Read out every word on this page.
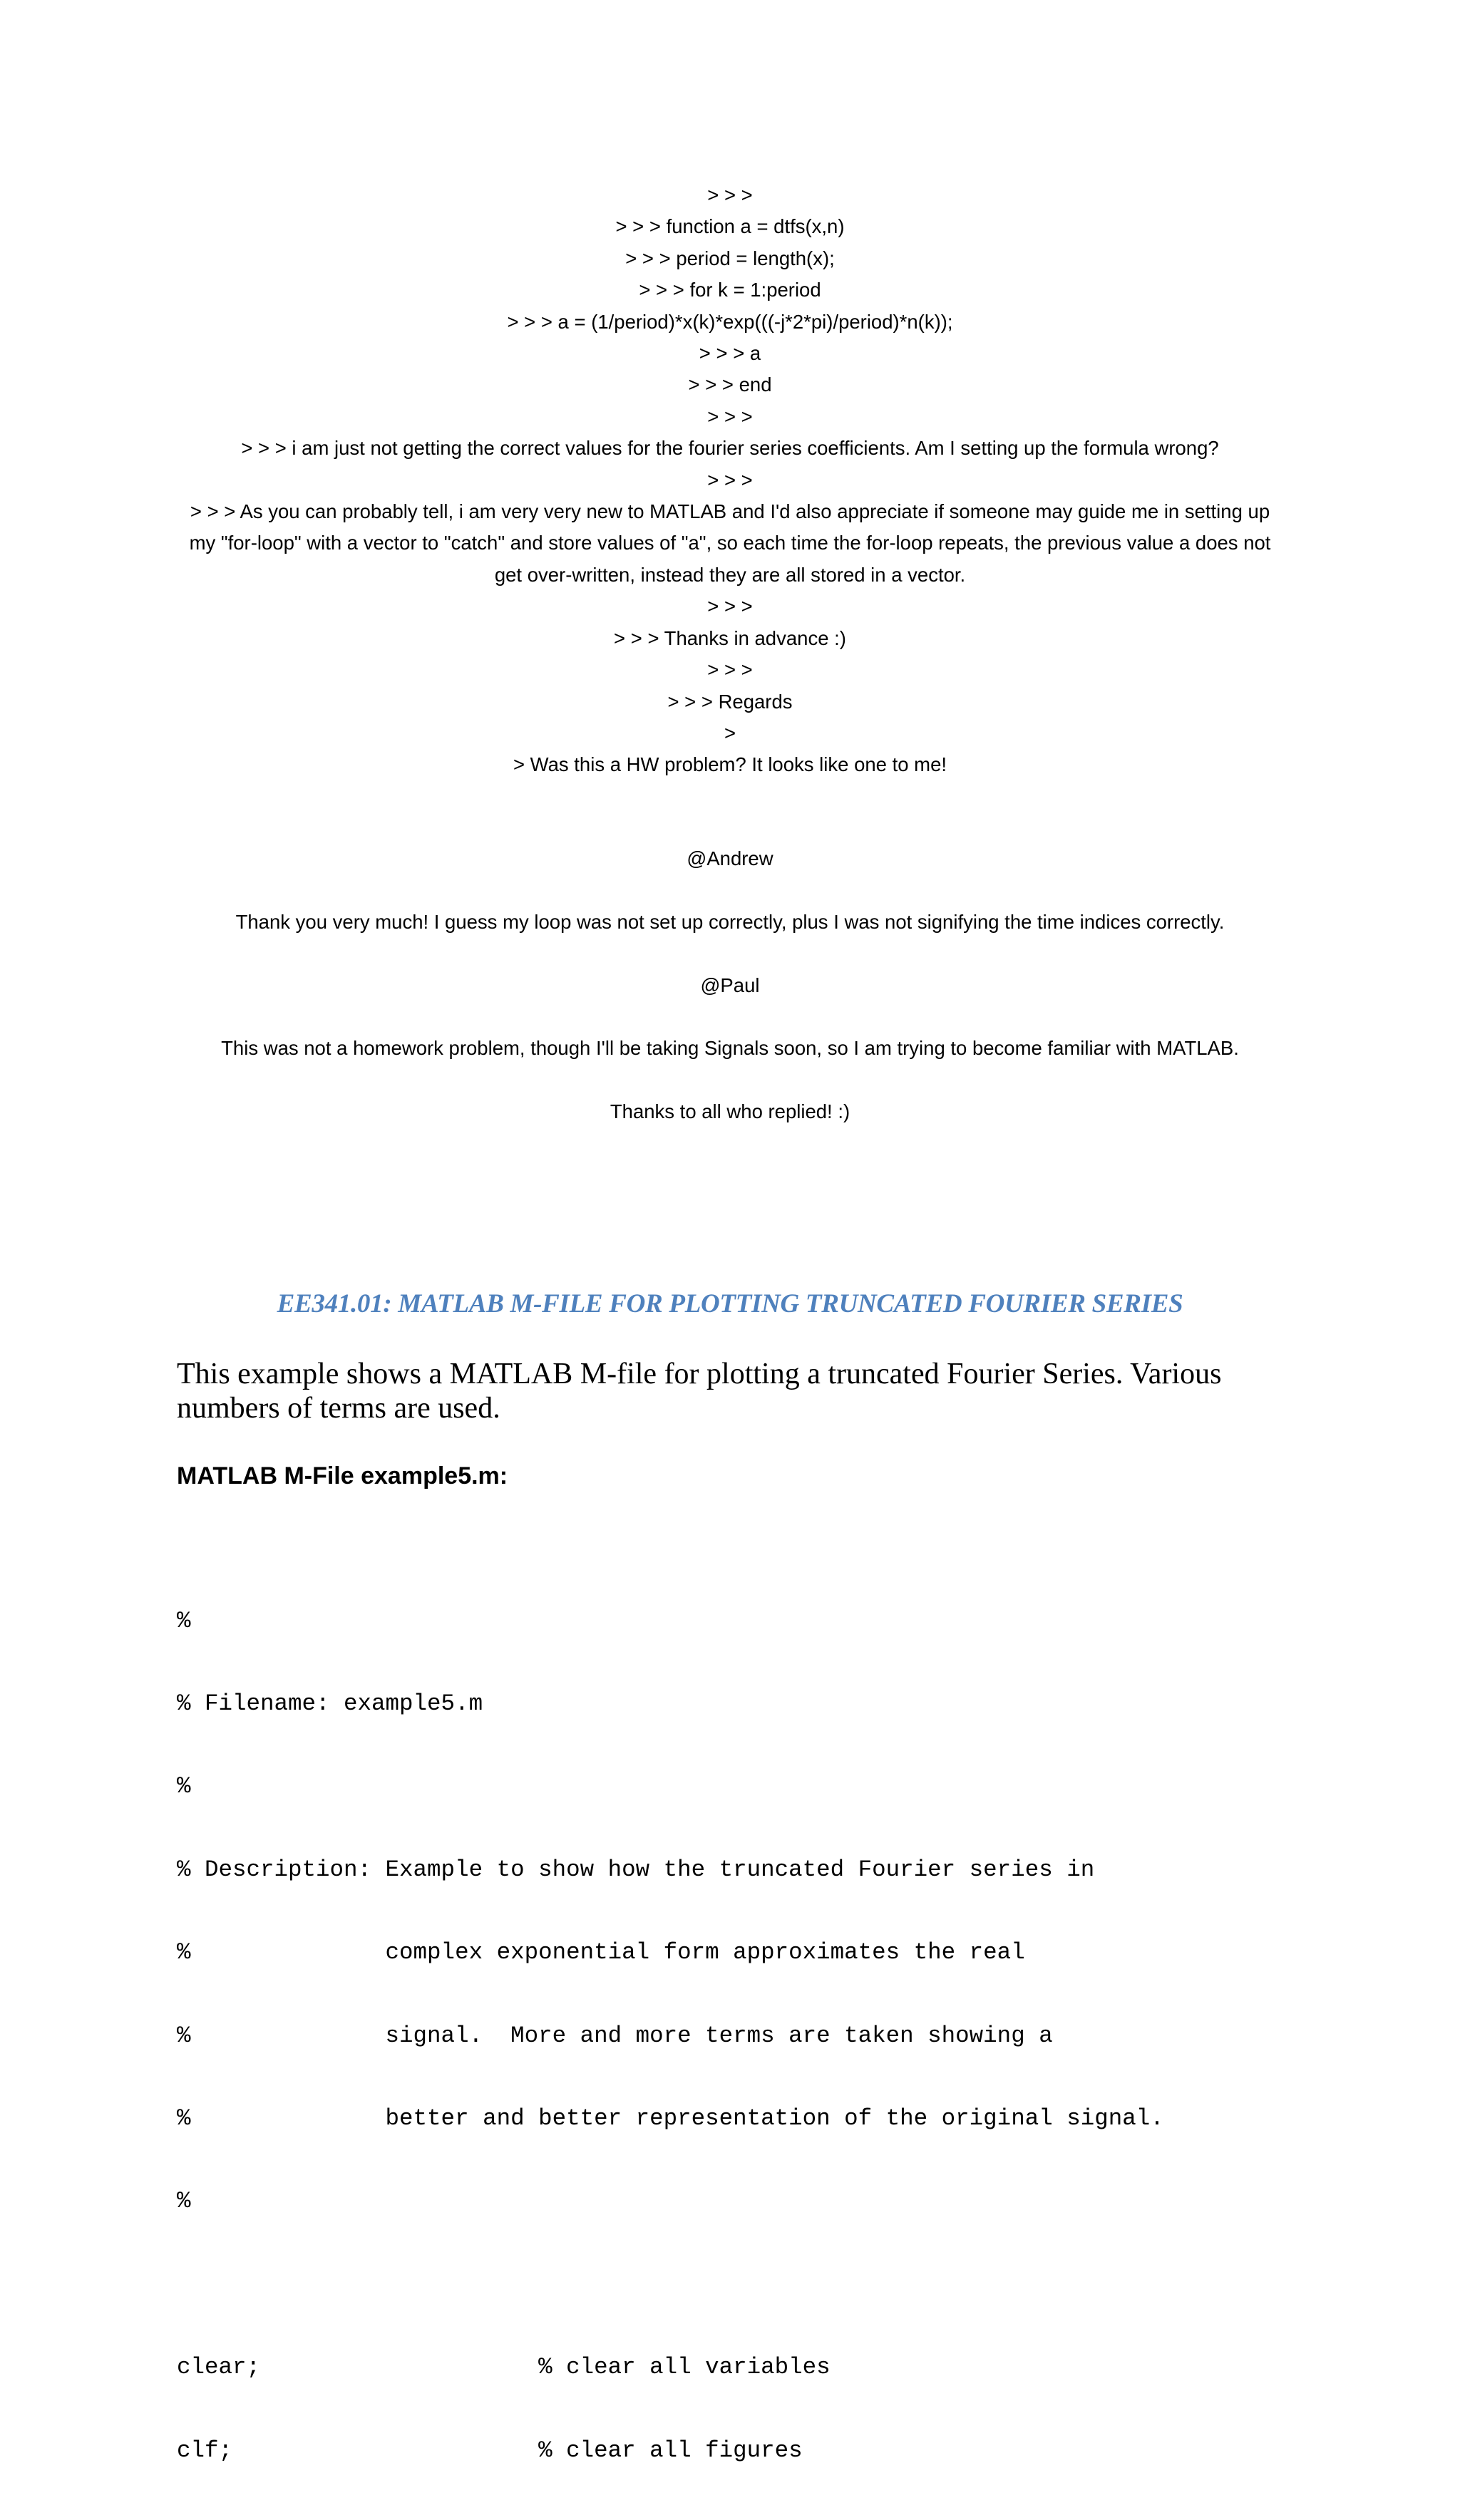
> > >
> > > function a = dtfs(x,n)
> > > period = length(x);
> > > for k = 1:period
> > > a = (1/period)*x(k)*exp(((-j*2*pi)/period)*n(k));
> > > a
> > > end
> > >
> > > i am just not getting the correct values for the fourier series coefficients. Am I setting up the formula wrong?
> > >
> > > As you can probably tell, i am very very new to MATLAB and I'd also appreciate if someone may guide me in setting up
my "for-loop" with a vector to "catch" and store values of "a", so each time the for-loop repeats, the previous value a does not
get over-written, instead they are all stored in a vector.
> > >
> > > Thanks in advance :)
> > >
> > > Regards
>
> Was this a HW problem? It looks like one to me!
@Andrew
Thank you very much! I guess my loop was not set up correctly, plus I was not signifying the time indices correctly.
@Paul
This was not a homework problem, though I'll be taking Signals soon, so I am trying to become familiar with MATLAB.
Thanks to all who replied! :)
EE341.01: MATLAB M-FILE FOR PLOTTING TRUNCATED FOURIER SERIES
This example shows a MATLAB M-file for plotting a truncated Fourier Series. Various numbers of terms are used.
MATLAB M-File example5.m:

%

% Filename: example5.m

%

% Description: Example to show how the truncated Fourier series in

%              complex exponential form approximates the real

%              signal.  More and more terms are taken showing a

%              better and better representation of the original signal.

%

clear;                    % clear all variables

clf;                      % clear all figures
